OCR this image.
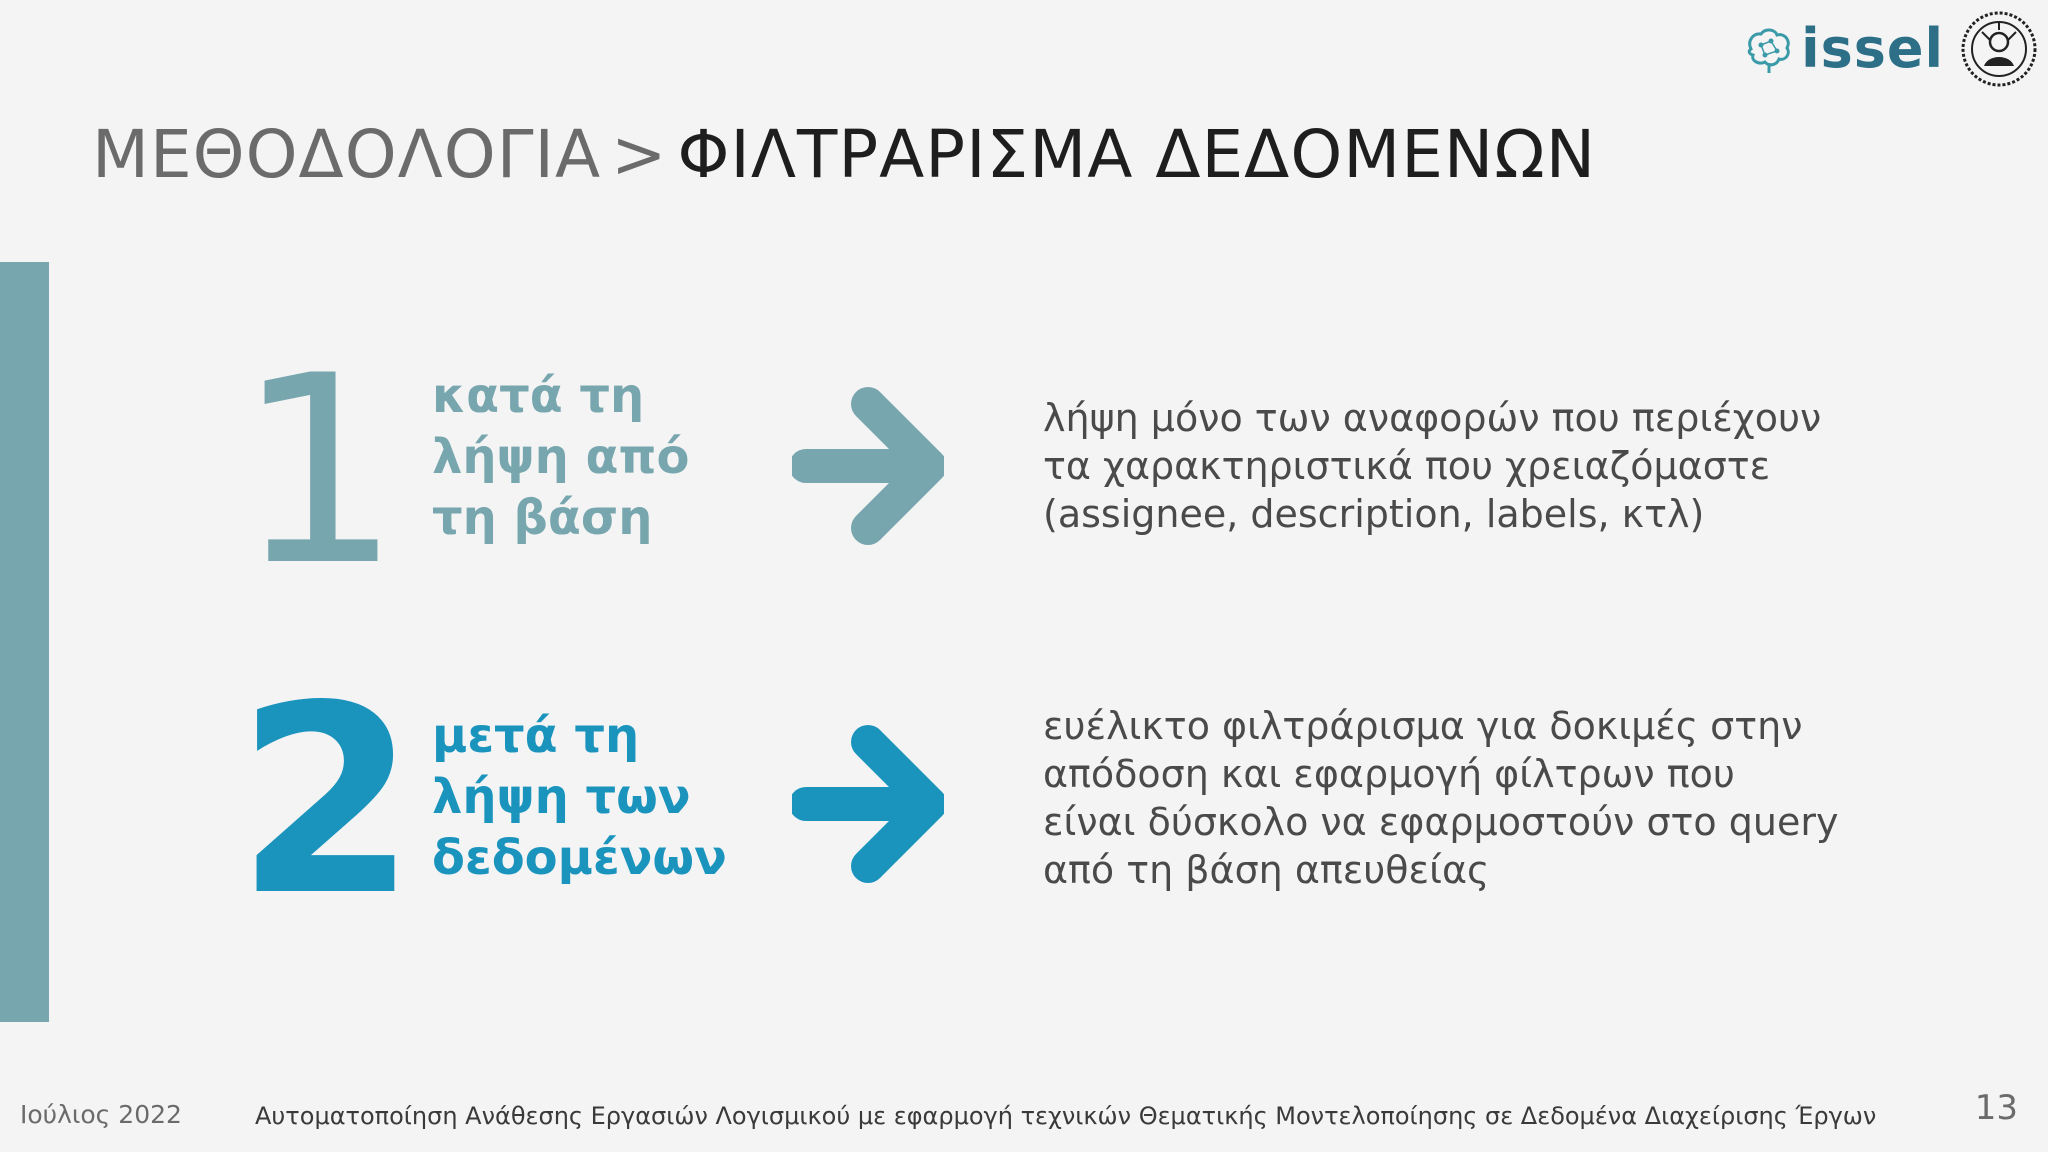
issel
ΜΕΘΟΔΟΛΟΓΙΑ > ΦΙΛΤΡΑΡΙΣΜΑ ΔΕΔΟΜΕΝΩΝ
1 κατά τη
λήψη από
τη βάση
λήψη μόνο των αναφορών που περιέχουν
τα χαρακτηριστικά που χρειαζόμαστε
(assignee, description, labels, κτλ)
2 μετά τη
λήψη των
δεδομένων
ευέλικτο φιλτράρισμα για δοκιμές στην
απόδοση και εφαρμογή φίλτρων που
είναι δύσκολο να εφαρμοστούν στο query
από τη βάση απευθείας
Ιούλιος 2022	Αυτοματοποίηση Ανάθεσης Εργασιών Λογισμικού με εφαρμογή τεχνικών Θεματικής Μοντελοποίησης σε Δεδομένα Διαχείρισης Έργων	13
